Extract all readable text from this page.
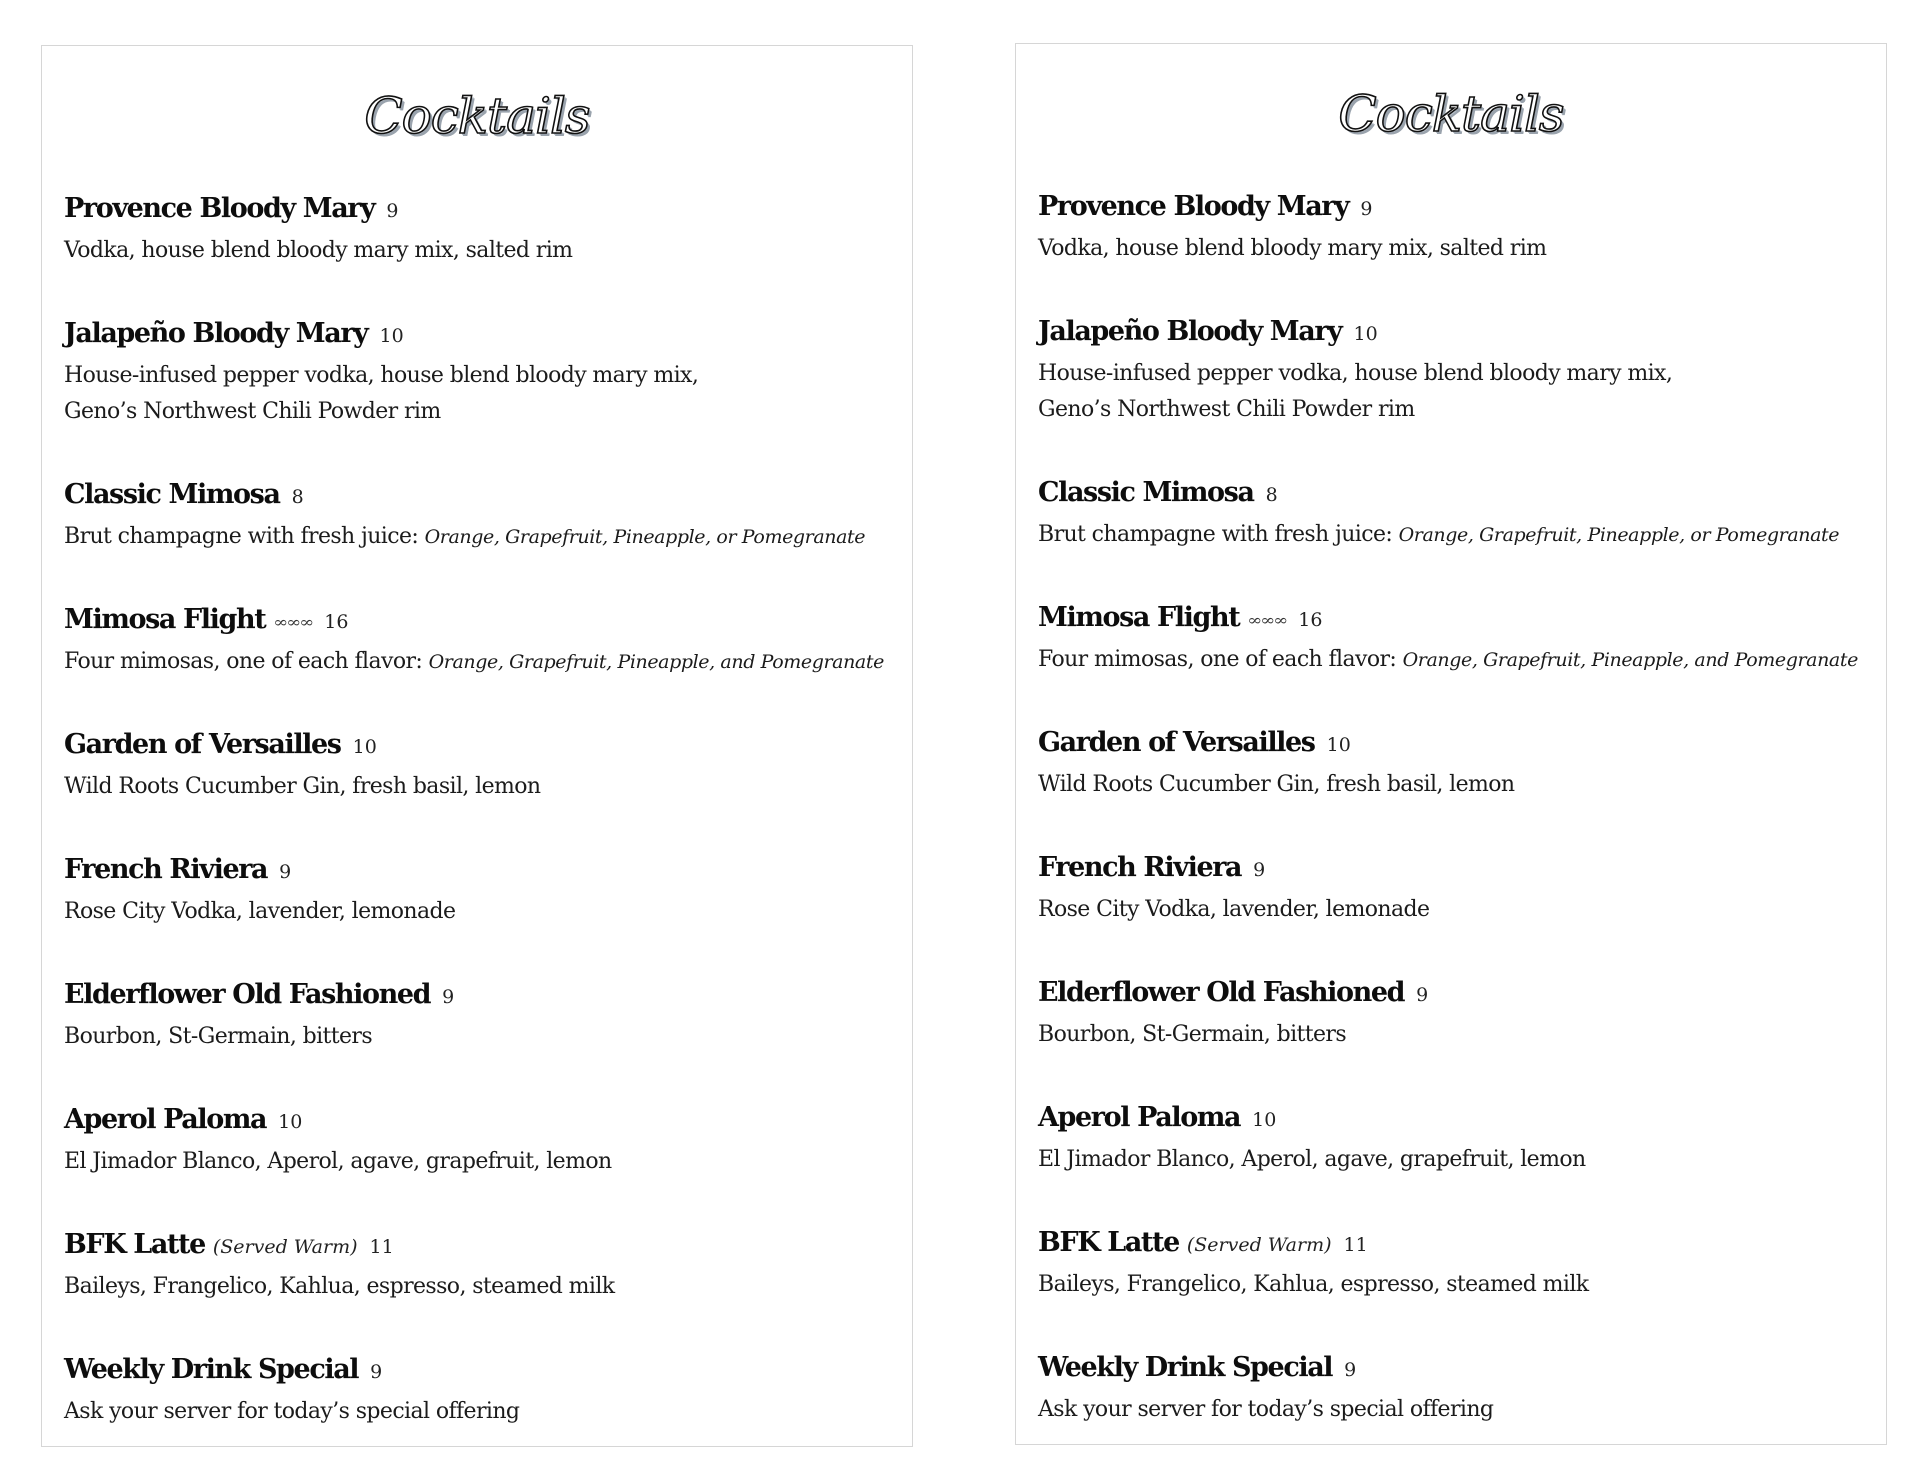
Cocktails
Provence Bloody Mary 9
Vodka, house blend bloody mary mix, salted rim
Jalapeño Bloody Mary 10
House-infused pepper vodka, house blend bloody mary mix,
Geno’s Northwest Chili Powder rim
Classic Mimosa 8
Brut champagne with fresh juice: Orange, Grapefruit, Pineapple, or Pomegranate
Mimosa Flight ∞∞∞ 16
Four mimosas, one of each flavor: Orange, Grapefruit, Pineapple, and Pomegranate
Garden of Versailles 10
Wild Roots Cucumber Gin, fresh basil, lemon
French Riviera 9
Rose City Vodka, lavender, lemonade
Elderflower Old Fashioned 9
Bourbon, St-Germain, bitters
Aperol Paloma 10
El Jimador Blanco, Aperol, agave, grapefruit, lemon
BFK Latte (Served Warm) 11
Baileys, Frangelico, Kahlua, espresso, steamed milk
Weekly Drink Special 9
Ask your server for today’s special offering
Cocktails
Provence Bloody Mary 9
Vodka, house blend bloody mary mix, salted rim
Jalapeño Bloody Mary 10
House-infused pepper vodka, house blend bloody mary mix,
Geno’s Northwest Chili Powder rim
Classic Mimosa 8
Brut champagne with fresh juice: Orange, Grapefruit, Pineapple, or Pomegranate
Mimosa Flight ∞∞∞ 16
Four mimosas, one of each flavor: Orange, Grapefruit, Pineapple, and Pomegranate
Garden of Versailles 10
Wild Roots Cucumber Gin, fresh basil, lemon
French Riviera 9
Rose City Vodka, lavender, lemonade
Elderflower Old Fashioned 9
Bourbon, St-Germain, bitters
Aperol Paloma 10
El Jimador Blanco, Aperol, agave, grapefruit, lemon
BFK Latte (Served Warm) 11
Baileys, Frangelico, Kahlua, espresso, steamed milk
Weekly Drink Special 9
Ask your server for today’s special offering
